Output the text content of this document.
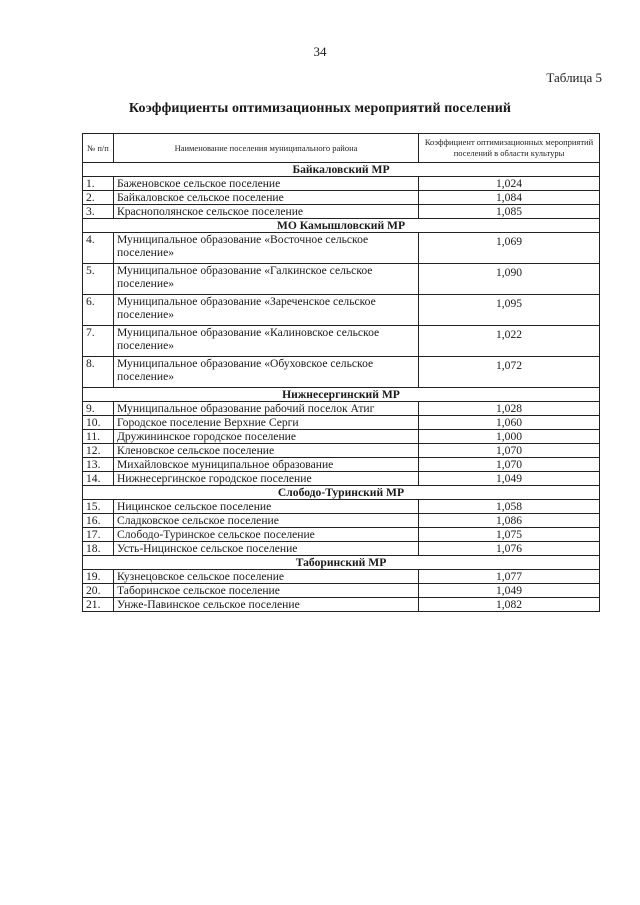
34
Таблица 5
Коэффициенты оптимизационных мероприятий поселений
№ п/п	Наименование поселения муниципального района	Коэффициент оптимизационных мероприятий поселений в области культуры
Байкаловский МР		
1.	Баженовское сельское поселение	1,024
2.	Байкаловское сельское поселение	1,084
3.	Краснополянское сельское поселение	1,085
МО Камышловский МР		
4.	Муниципальное образование «Восточное сельское поселение»	1,069
5.	Муниципальное образование «Галкинское сельское поселение»	1,090
6.	Муниципальное образование «Зареченское сельское поселение»	1,095
7.	Муниципальное образование «Калиновское сельское поселение»	1,022
8.	Муниципальное образование «Обуховское сельское поселение»	1,072
Нижнесергинский МР		
9.	Муниципальное образование рабочий поселок Атиг	1,028
10.	Городское поселение Верхние Серги	1,060
11.	Дружининское городское поселение	1,000
12.	Кленовское сельское поселение	1,070
13.	Михайловское муниципальное образование	1,070
14.	Нижнесергинское городское поселение	1,049
Слободо-Туринский МР		
15.	Ницинское сельское поселение	1,058
16.	Сладковское сельское поселение	1,086
17.	Слободо-Туринское сельское поселение	1,075
18.	Усть-Ницинское сельское поселение	1,076
Таборинский МР		
19.	Кузнецовское сельское поселение	1,077
20.	Таборинское сельское поселение	1,049
21.	Унже-Павинское сельское поселение	1,082
